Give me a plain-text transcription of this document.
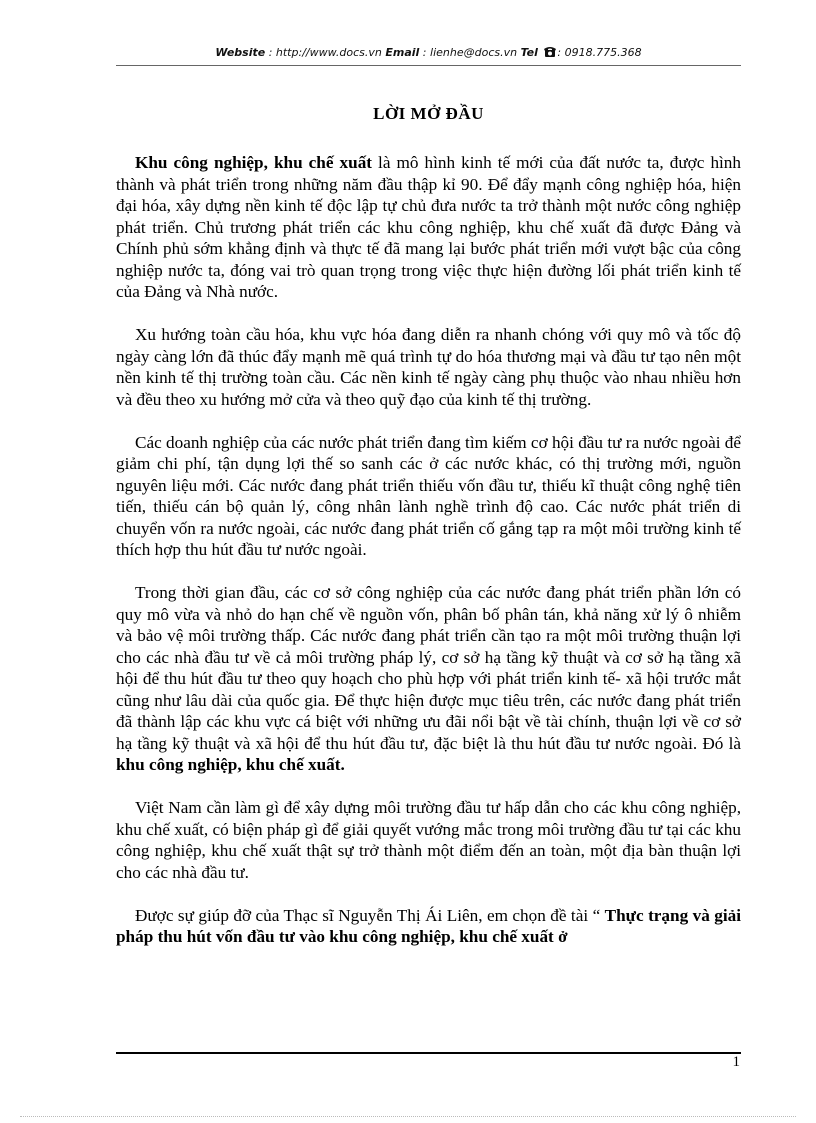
Website : http://www.docs.vn Email : lienhe@docs.vn Tel : 0918.775.368
LỜI MỞ ĐẦU

Khu công nghiệp, khu chế xuất là mô hình kinh tế mới của đất nước ta, được hình thành và phát triển trong những năm đầu thập kỉ 90. Để đẩy mạnh công nghiệp hóa, hiện đại hóa, xây dựng nền kinh tế độc lập tự chủ đưa nước ta trở thành một nước công nghiệp phát triển. Chủ trương phát triển các khu công nghiệp, khu chế xuất đã được Đảng và Chính phủ sớm khẳng định và thực tế đã mang lại bước phát triển mới vượt bậc của công nghiệp nước ta, đóng vai trò quan trọng trong việc thực hiện đường lối phát triển kinh tế của Đảng và Nhà nước.

Xu hướng toàn cầu hóa, khu vực hóa đang diễn ra nhanh chóng với quy mô và tốc độ ngày càng lớn đã thúc đẩy mạnh mẽ quá trình tự do hóa thương mại và đầu tư tạo nên một nền kinh tế thị trường toàn cầu. Các nền kinh tế ngày càng phụ thuộc vào nhau nhiều hơn và đều theo xu hướng mở cửa và theo quỹ đạo của kinh tế thị trường.

Các doanh nghiệp của các nước phát triển đang tìm kiếm cơ hội đầu tư ra nước ngoài để giảm chi phí, tận dụng lợi thế so sanh các ở các nước khác, có thị trường mới, nguồn nguyên liệu mới. Các nước đang phát triển thiếu vốn đầu tư, thiếu kĩ thuật công nghệ tiên tiến, thiếu cán bộ quản lý, công nhân lành nghề trình độ cao. Các nước phát triển di chuyển vốn ra nước ngoài, các nước đang phát triển cố gắng tạp ra một môi trường kinh tế thích hợp thu hút đầu tư nước ngoài.

Trong thời gian đầu, các cơ sở công nghiệp của các nước đang phát triển phần lớn có quy mô vừa và nhỏ do hạn chế về nguồn vốn, phân bố phân tán, khả năng xử lý ô nhiễm và bảo vệ môi trường thấp. Các nước đang phát triển cần tạo ra một môi trường thuận lợi cho các nhà đầu tư về cả môi trường pháp lý, cơ sở hạ tầng kỹ thuật và cơ sở hạ tầng xã hội để thu hút đầu tư theo quy hoạch cho phù hợp với phát triển kinh tế- xã hội trước mắt cũng như lâu dài của quốc gia. Để thực hiện được mục tiêu trên, các nước đang phát triển đã thành lập các khu vực cá biệt với những ưu đãi nổi bật về tài chính, thuận lợi về cơ sở hạ tầng kỹ thuật và xã hội để thu hút đầu tư, đặc biệt là thu hút đầu tư nước ngoài. Đó là khu công nghiệp, khu chế xuất.

Việt Nam cần làm gì để xây dựng môi trường đầu tư hấp dẫn cho các khu công nghiệp, khu chế xuất, có biện pháp gì để giải quyết vướng mắc trong môi trường đầu tư tại các khu công nghiệp, khu chế xuất thật sự trở thành một điểm đến an toàn, một địa bàn thuận lợi cho các nhà đầu tư.

Được sự giúp đỡ của Thạc sĩ Nguyễn Thị Ái Liên, em chọn đề tài “ Thực trạng và giải pháp thu hút vốn đầu tư vào khu công nghiệp, khu chế xuất ở

1
